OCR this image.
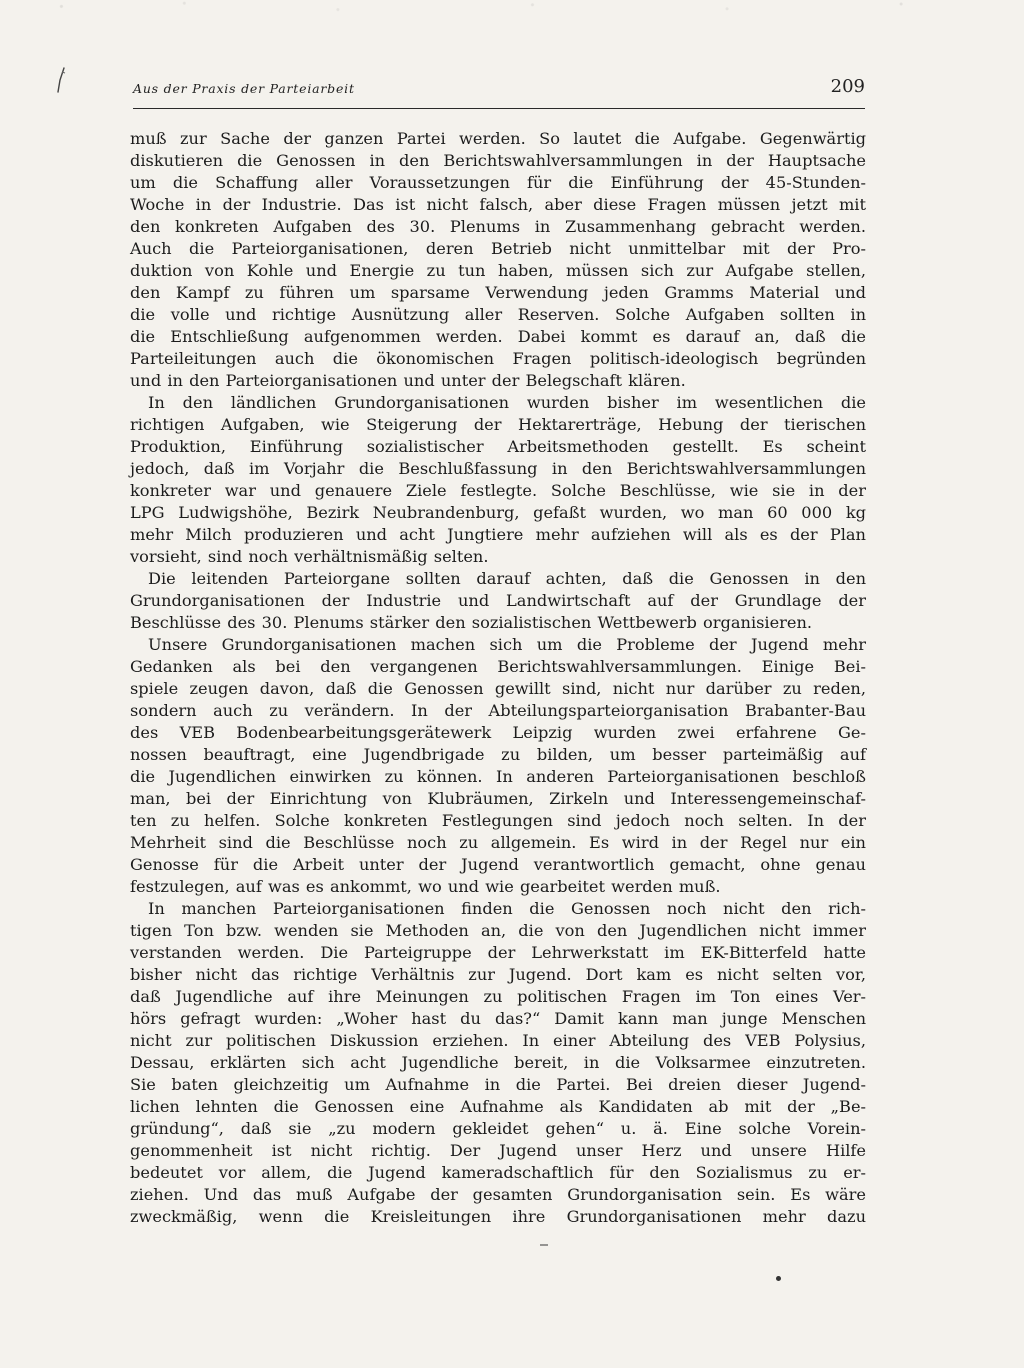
Aus der Praxis der Parteiarbeit	209
muß zur Sache der ganzen Partei werden. So lautet die Aufgabe. Gegenwärtig
diskutieren die Genossen in den Berichtswahlversammlungen in der Hauptsache
um die Schaffung aller Voraussetzungen für die Einführung der 45-Stunden-
Woche in der Industrie. Das ist nicht falsch, aber diese Fragen müssen jetzt mit
den konkreten Aufgaben des 30. Plenums in Zusammenhang gebracht werden.
Auch die Parteiorganisationen, deren Betrieb nicht unmittelbar mit der Pro-
duktion von Kohle und Energie zu tun haben, müssen sich zur Aufgabe stellen,
den Kampf zu führen um sparsame Verwendung jeden Gramms Material und
die volle und richtige Ausnützung aller Reserven. Solche Aufgaben sollten in
die Entschließung aufgenommen werden. Dabei kommt es darauf an, daß die
Parteileitungen auch die ökonomischen Fragen politisch-ideologisch begründen
und in den Parteiorganisationen und unter der Belegschaft klären.
In den ländlichen Grundorganisationen wurden bisher im wesentlichen die
richtigen Aufgaben, wie Steigerung der Hektarerträge, Hebung der tierischen
Produktion, Einführung sozialistischer Arbeitsmethoden gestellt. Es scheint
jedoch, daß im Vorjahr die Beschlußfassung in den Berichtswahlversammlungen
konkreter war und genauere Ziele festlegte. Solche Beschlüsse, wie sie in der
LPG Ludwigshöhe, Bezirk Neubrandenburg, gefaßt wurden, wo man 60 000 kg
mehr Milch produzieren und acht Jungtiere mehr aufziehen will als es der Plan
vorsieht, sind noch verhältnismäßig selten.
Die leitenden Parteiorgane sollten darauf achten, daß die Genossen in den
Grundorganisationen der Industrie und Landwirtschaft auf der Grundlage der
Beschlüsse des 30. Plenums stärker den sozialistischen Wettbewerb organisieren.
Unsere Grundorganisationen machen sich um die Probleme der Jugend mehr
Gedanken als bei den vergangenen Berichtswahlversammlungen. Einige Bei-
spiele zeugen davon, daß die Genossen gewillt sind, nicht nur darüber zu reden,
sondern auch zu verändern. In der Abteilungsparteiorganisation Brabanter-Bau
des VEB Bodenbearbeitungsgerätewerk Leipzig wurden zwei erfahrene Ge-
nossen beauftragt, eine Jugendbrigade zu bilden, um besser parteimäßig auf
die Jugendlichen einwirken zu können. In anderen Parteiorganisationen beschloß
man, bei der Einrichtung von Klubräumen, Zirkeln und Interessengemeinschaf-
ten zu helfen. Solche konkreten Festlegungen sind jedoch noch selten. In der
Mehrheit sind die Beschlüsse noch zu allgemein. Es wird in der Regel nur ein
Genosse für die Arbeit unter der Jugend verantwortlich gemacht, ohne genau
festzulegen, auf was es ankommt, wo und wie gearbeitet werden muß.
In manchen Parteiorganisationen finden die Genossen noch nicht den rich-
tigen Ton bzw. wenden sie Methoden an, die von den Jugendlichen nicht immer
verstanden werden. Die Parteigruppe der Lehrwerkstatt im EK-Bitterfeld hatte
bisher nicht das richtige Verhältnis zur Jugend. Dort kam es nicht selten vor,
daß Jugendliche auf ihre Meinungen zu politischen Fragen im Ton eines Ver-
hörs gefragt wurden: „Woher hast du das?“ Damit kann man junge Menschen
nicht zur politischen Diskussion erziehen. In einer Abteilung des VEB Polysius,
Dessau, erklärten sich acht Jugendliche bereit, in die Volksarmee einzutreten.
Sie baten gleichzeitig um Aufnahme in die Partei. Bei dreien dieser Jugend-
lichen lehnten die Genossen eine Aufnahme als Kandidaten ab mit der „Be-
gründung“, daß sie „zu modern gekleidet gehen“ u. ä. Eine solche Vorein-
genommenheit ist nicht richtig. Der Jugend unser Herz und unsere Hilfe
bedeutet vor allem, die Jugend kameradschaftlich für den Sozialismus zu er-
ziehen. Und das muß Aufgabe der gesamten Grundorganisation sein. Es wäre
zweckmäßig, wenn die Kreisleitungen ihre Grundorganisationen mehr dazu
